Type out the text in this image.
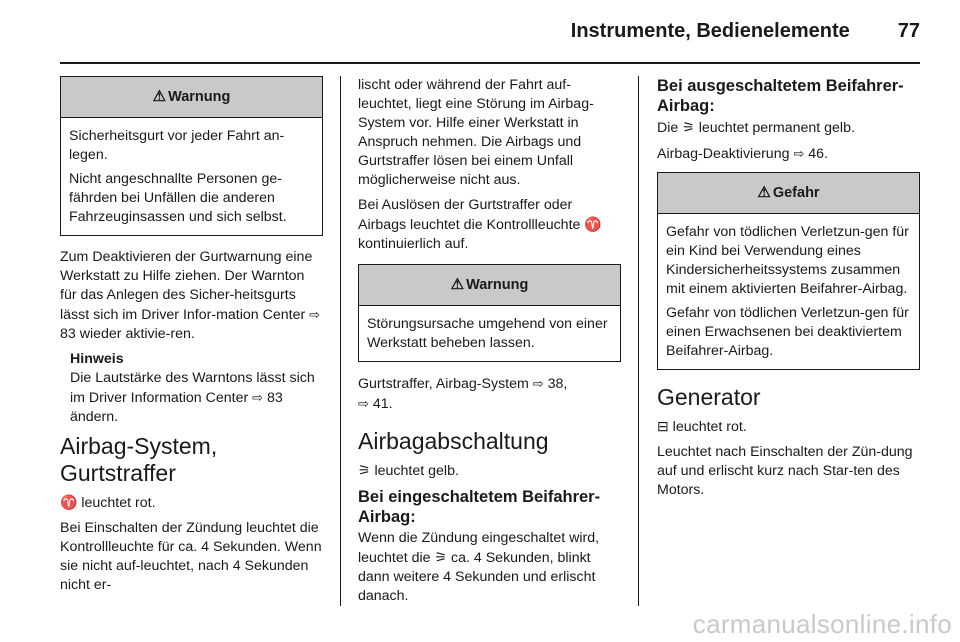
Instrumente, Bedienelemente 77
⚠ Warnung

Sicherheitsgurt vor jeder Fahrt an-legen.

Nicht angeschnallte Personen ge-fährden bei Unfällen die anderen Fahrzeuginsassen und sich selbst.

Zum Deaktivieren der Gurtwarnung eine Werkstatt zu Hilfe ziehen. Der Warnton für das Anlegen des Sicher-heitsgurts lässt sich im Driver Infor-mation Center ⇨ 83 wieder aktivie-ren.

Hinweis
Die Lautstärke des Warntons lässt sich im Driver Information Center ⇨ 83 ändern.
Airbag-System, Gurtstraffer

♈ leuchtet rot.

Bei Einschalten der Zündung leuchtet die Kontrollleuchte für ca. 4 Sekunden. Wenn sie nicht auf-leuchtet, nach 4 Sekunden nicht er-

lischt oder während der Fahrt auf-leuchtet, liegt eine Störung im Airbag-System vor. Hilfe einer Werkstatt in Anspruch nehmen. Die Airbags und Gurtstraffer lösen bei einem Unfall möglicherweise nicht aus.

Bei Auslösen der Gurtstraffer oder Airbags leuchtet die Kontrollleuchte ♈ kontinuierlich auf.

⚠ Warnung

Störungsursache umgehend von einer Werkstatt beheben lassen.

Gurtstraffer, Airbag-System ⇨ 38,
⇨ 41.

Airbagabschaltung

⚞ leuchtet gelb.

Bei eingeschaltetem Beifahrer-Airbag:

Wenn die Zündung eingeschaltet wird, leuchtet die ⚞ ca. 4 Sekunden, blinkt dann weitere 4 Sekunden und erlischt danach.

Bei ausgeschaltetem Beifahrer-Airbag:

Die ⚞ leuchtet permanent gelb.

Airbag-Deaktivierung ⇨ 46.

⚠ Gefahr

Gefahr von tödlichen Verletzun-gen für ein Kind bei Verwendung eines Kindersicherheitssystems zusammen mit einem aktivierten Beifahrer-Airbag.

Gefahr von tödlichen Verletzun-gen für einen Erwachsenen bei deaktiviertem Beifahrer-Airbag.

Generator

⊟ leuchtet rot.

Leuchtet nach Einschalten der Zün-dung auf und erlischt kurz nach Star-ten des Motors.

carmanualsonline.info
